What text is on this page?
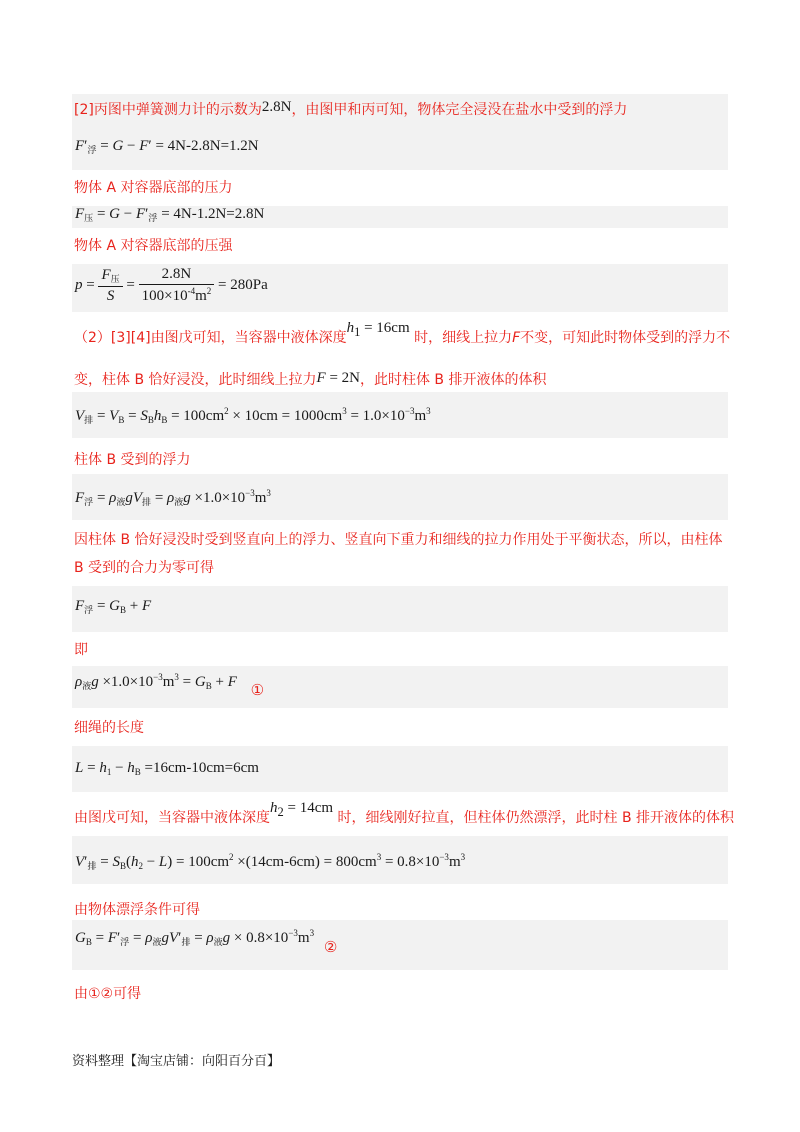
[2]丙图中弹簧测力计的示数为2.8N，由图甲和丙可知，物体完全浸没在盐水中受到的浮力
$F'_浮 = G - F' = 4N-2.8N=1.2N$
物体 A 对容器底部的压力
$F_压 = G - F'_浮 = 4N-1.2N=2.8N$
物体 A 对容器底部的压强
$p = \frac{F_压}{S} = \frac{2.8N}{100\times 10^{-4}m^2} = 280Pa$
（2）[3][4]由图戊可知，当容器中液体深度$h_1 = 16cm$ 时，细线上拉力F不变，可知此时物体受到的浮力不
变，柱体 B 恰好浸没，此时细线上拉力F = 2N，此时柱体 B 排开液体的体积
$V_排 = V_B = S_Bh_B = 100cm^2 \times 10cm = 1000cm^3 = 1.0\times 10^{-3}m^3$
柱体 B 受到的浮力
$F_浮 = \rho_液gV_排 = \rho_液g \times 1.0\times 10^{-3}m^3$
因柱体 B 恰好浸没时受到竖直向上的浮力、竖直向下重力和细线的拉力作用处于平衡状态，所以，由柱体
B 受到的合力为零可得
$F_浮 = G_B + F$
即
$\rho_液g \times 1.0\times 10^{-3}m^3 = G_B + F$ ①
细绳的长度
$L = h_1 - h_B =16cm-10cm=6cm$
由图戊可知，当容器中液体深度$h_2 = 14cm$ 时，细线刚好拉直，但柱体仍然漂浮，此时柱 B 排开液体的体积
$V'_排 = S_B(h_2 - L) = 100cm^2 \times(14cm-6cm) = 800cm^3 = 0.8\times 10^{-3}m^3$
由物体漂浮条件可得
$G_B = F'_浮 = \rho_液gV'_排 = \rho_液g \times 0.8\times 10^{-3}m^3$ ②
由①②可得
资料整理【淘宝店铺：向阳百分百】
